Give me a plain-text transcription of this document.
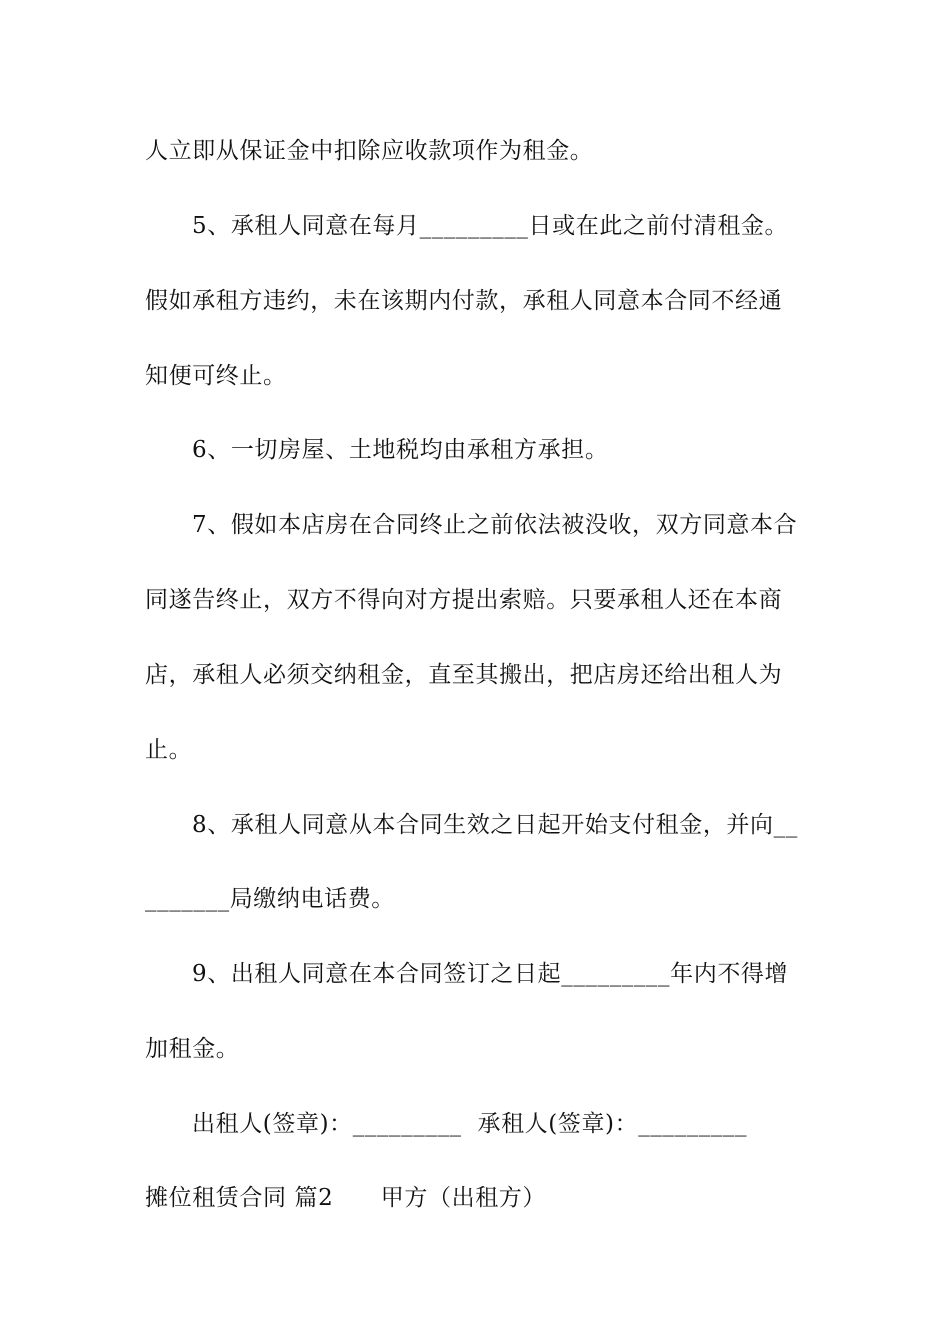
人立即从保证金中扣除应收款项作为租金。
5、承租人同意在每月_________日或在此之前付清租金。
假如承租方违约，未在该期内付款，承租人同意本合同不经通
知便可终止。
6、一切房屋、土地税均由承租方承担。
7、假如本店房在合同终止之前依法被没收，双方同意本合
同遂告终止，双方不得向对方提出索赔。只要承租人还在本商
店，承租人必须交纳租金，直至其搬出，把店房还给出租人为
止。
8、承租人同意从本合同生效之日起开始支付租金，并向__
_______局缴纳电话费。
9、出租人同意在本合同签订之日起_________年内不得增
加租金。
出租人(签章)：_________  承租人(签章)：_________
摊位租赁合同 篇2      甲方（出租方）
